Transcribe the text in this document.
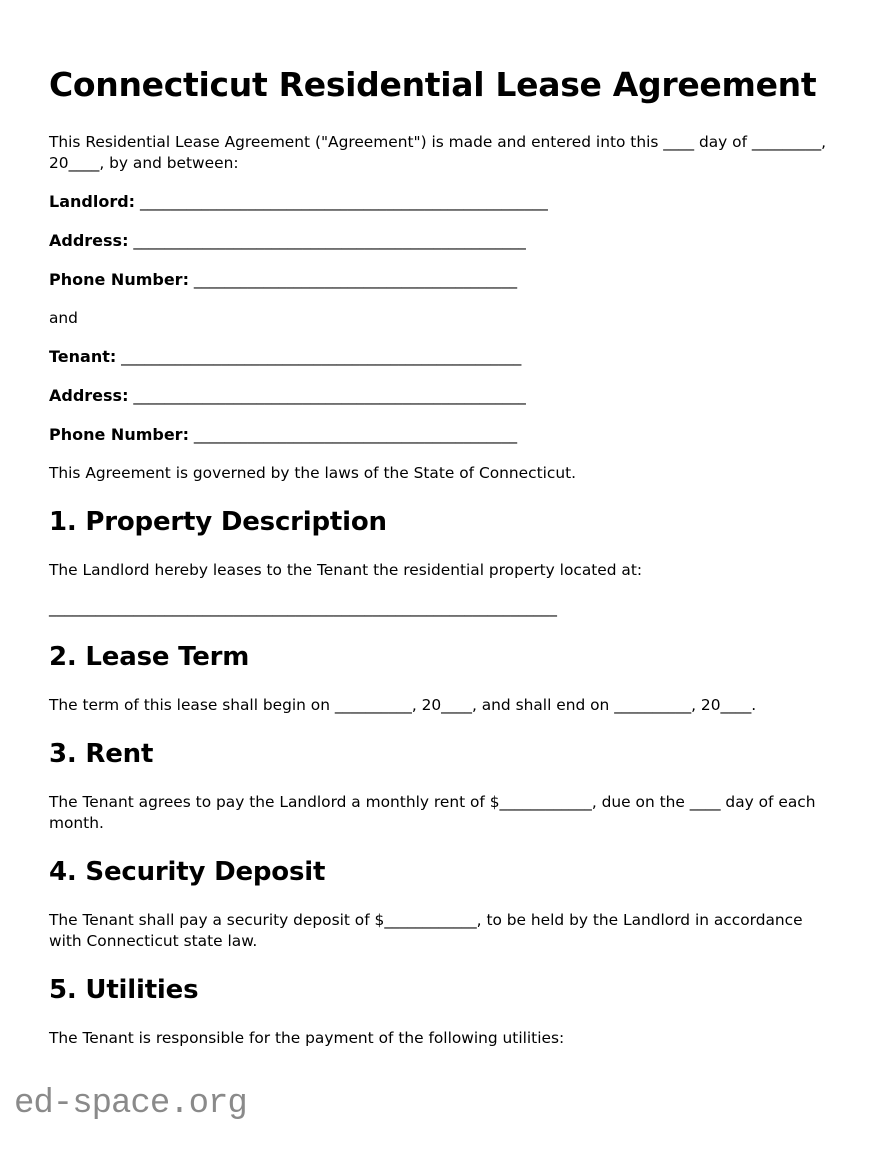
Connecticut Residential Lease Agreement

This Residential Lease Agreement ("Agreement") is made and entered into this ____ day of _________, 20____, by and between:

Landlord: _____________________________________________________
Address: ___________________________________________________
Phone Number: __________________________________________

and

Tenant: ____________________________________________________
Address: ___________________________________________________
Phone Number: __________________________________________

This Agreement is governed by the laws of the State of Connecticut.

1. Property Description

The Landlord hereby leases to the Tenant the residential property located at:

__________________________________________________________________

2. Lease Term

The term of this lease shall begin on __________, 20____, and shall end on __________, 20____.

3. Rent

The Tenant agrees to pay the Landlord a monthly rent of $____________, due on the ____ day of each month.

4. Security Deposit

The Tenant shall pay a security deposit of $____________, to be held by the Landlord in accordance with Connecticut state law.

5. Utilities

The Tenant is responsible for the payment of the following utilities:

ed-space.org
